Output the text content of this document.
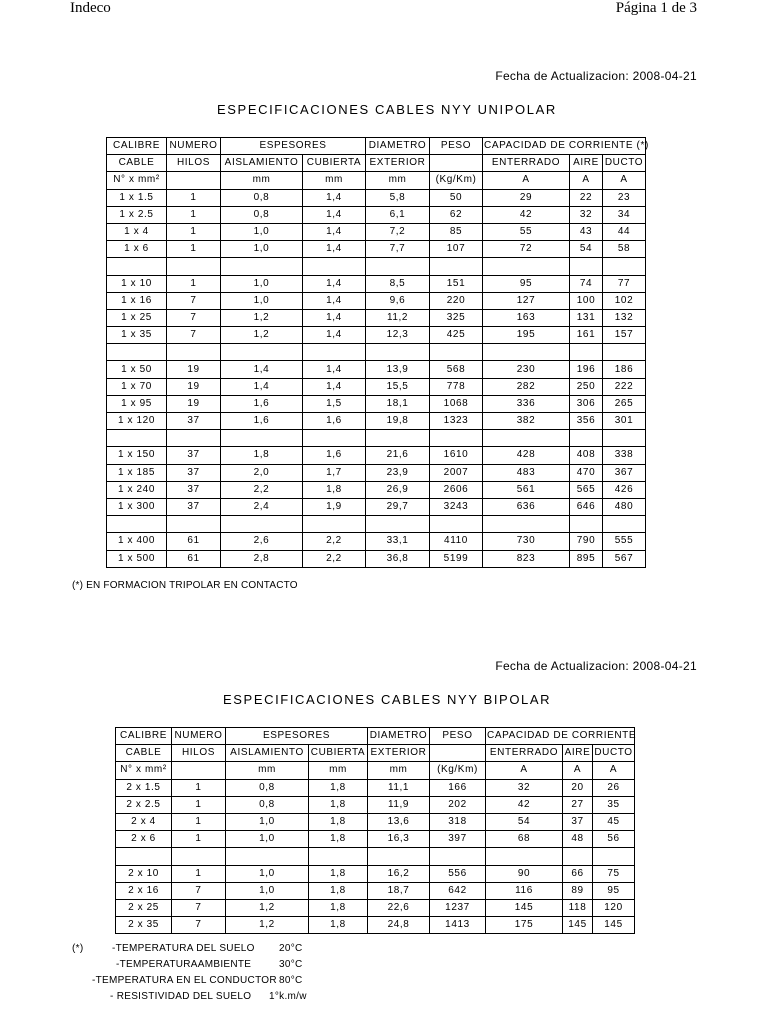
Indeco	Página 1 de 3
Fecha de Actualizacion: 2008-04-21
ESPECIFICACIONES CABLES NYY UNIPOLAR
CALIBRE	NUMERO	ESPESORES		DIAMETRO	PESO	CAPACIDAD DE CORRIENTE (*)		
CABLE	HILOS	AISLAMIENTO	CUBIERTA	EXTERIOR		ENTERRADO	AIRE	DUCTO
N° x mm²		mm	mm	mm	(Kg/Km)	A	A	A
1 x 1.5	1	0,8	1,4	5,8	50	29	22	23
1 x 2.5	1	0,8	1,4	6,1	62	42	32	34
1 x 4	1	1,0	1,4	7,2	85	55	43	44
1 x 6	1	1,0	1,4	7,7	107	72	54	58

1 x 10	1	1,0	1,4	8,5	151	95	74	77
1 x 16	7	1,0	1,4	9,6	220	127	100	102
1 x 25	7	1,2	1,4	11,2	325	163	131	132
1 x 35	7	1,2	1,4	12,3	425	195	161	157

1 x 50	19	1,4	1,4	13,9	568	230	196	186
1 x 70	19	1,4	1,4	15,5	778	282	250	222
1 x 95	19	1,6	1,5	18,1	1068	336	306	265
1 x 120	37	1,6	1,6	19,8	1323	382	356	301

1 x 150	37	1,8	1,6	21,6	1610	428	408	338
1 x 185	37	2,0	1,7	23,9	2007	483	470	367
1 x 240	37	2,2	1,8	26,9	2606	561	565	426
1 x 300	37	2,4	1,9	29,7	3243	636	646	480

1 x 400	61	2,6	2,2	33,1	4110	730	790	555
1 x 500	61	2,8	2,2	36,8	5199	823	895	567
(*) EN FORMACION TRIPOLAR EN CONTACTO
Fecha de Actualizacion: 2008-04-21
ESPECIFICACIONES CABLES NYY BIPOLAR
CALIBRE	NUMERO	ESPESORES		DIAMETRO	PESO	CAPACIDAD DE CORRIENTE		
CABLE	HILOS	AISLAMIENTO	CUBIERTA	EXTERIOR		ENTERRADO	AIRE	DUCTO
N° x mm²		mm	mm	mm	(Kg/Km)	A	A	A
2 x 1.5	1	0,8	1,8	11,1	166	32	20	26
2 x 2.5	1	0,8	1,8	11,9	202	42	27	35
2 x 4	1	1,0	1,8	13,6	318	54	37	45
2 x 6	1	1,0	1,8	16,3	397	68	48	56

2 x 10	1	1,0	1,8	16,2	556	90	66	75
2 x 16	7	1,0	1,8	18,7	642	116	89	95
2 x 25	7	1,2	1,8	22,6	1237	145	118	120
2 x 35	7	1,2	1,8	24,8	1413	175	145	145
(*)	-TEMPERATURA DEL SUELO 20°C
-TEMPERATURAAMBIENTE	30°C
-TEMPERATURA EN EL CONDUCTOR 80°C
- RESISTIVIDAD DEL SUELO 1°k.m/w
